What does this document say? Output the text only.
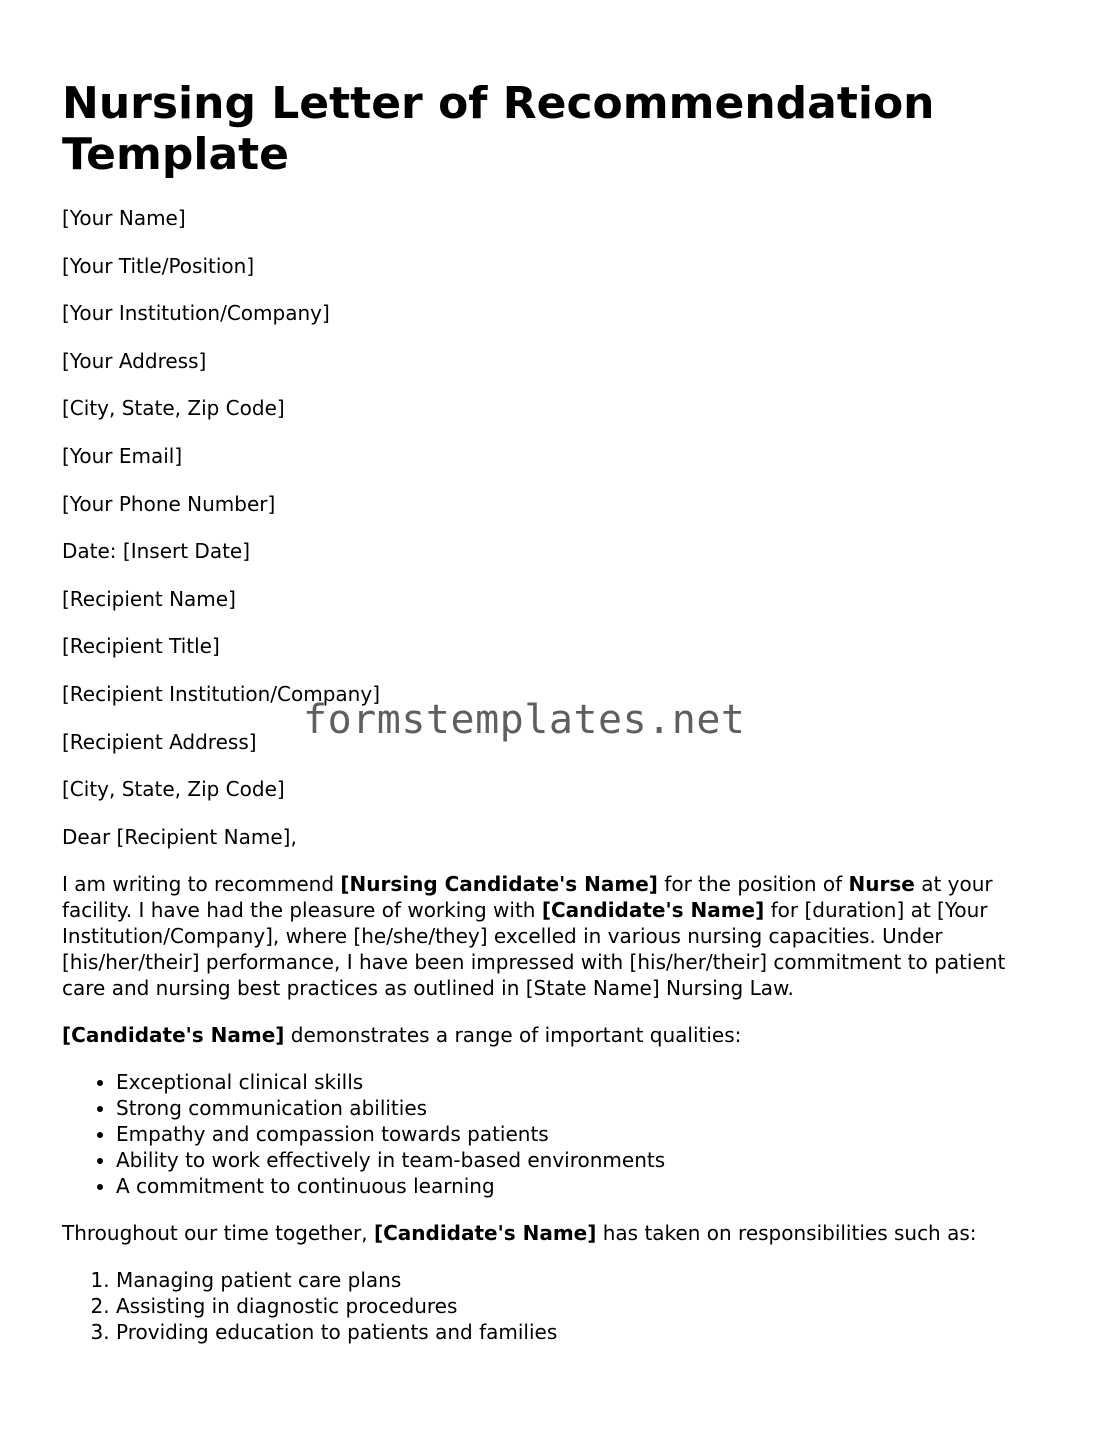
Nursing Letter of Recommendation Template
[Your Name]
[Your Title/Position]
[Your Institution/Company]
[Your Address]
[City, State, Zip Code]
[Your Email]
[Your Phone Number]
Date: [Insert Date]
[Recipient Name]
[Recipient Title]
[Recipient Institution/Company]
[Recipient Address]
[City, State, Zip Code]
Dear [Recipient Name],

I am writing to recommend [Nursing Candidate's Name] for the position of Nurse at your facility. I have had the pleasure of working with [Candidate's Name] for [duration] at [Your Institution/Company], where [he/she/they] excelled in various nursing capacities. Under [his/her/their] performance, I have been impressed with [his/her/their] commitment to patient care and nursing best practices as outlined in [State Name] Nursing Law.

[Candidate's Name] demonstrates a range of important qualities:

• Exceptional clinical skills
• Strong communication abilities
• Empathy and compassion towards patients
• Ability to work effectively in team-based environments
• A commitment to continuous learning

Throughout our time together, [Candidate's Name] has taken on responsibilities such as:

1. Managing patient care plans
2. Assisting in diagnostic procedures
3. Providing education to patients and families
formstemplates.net
